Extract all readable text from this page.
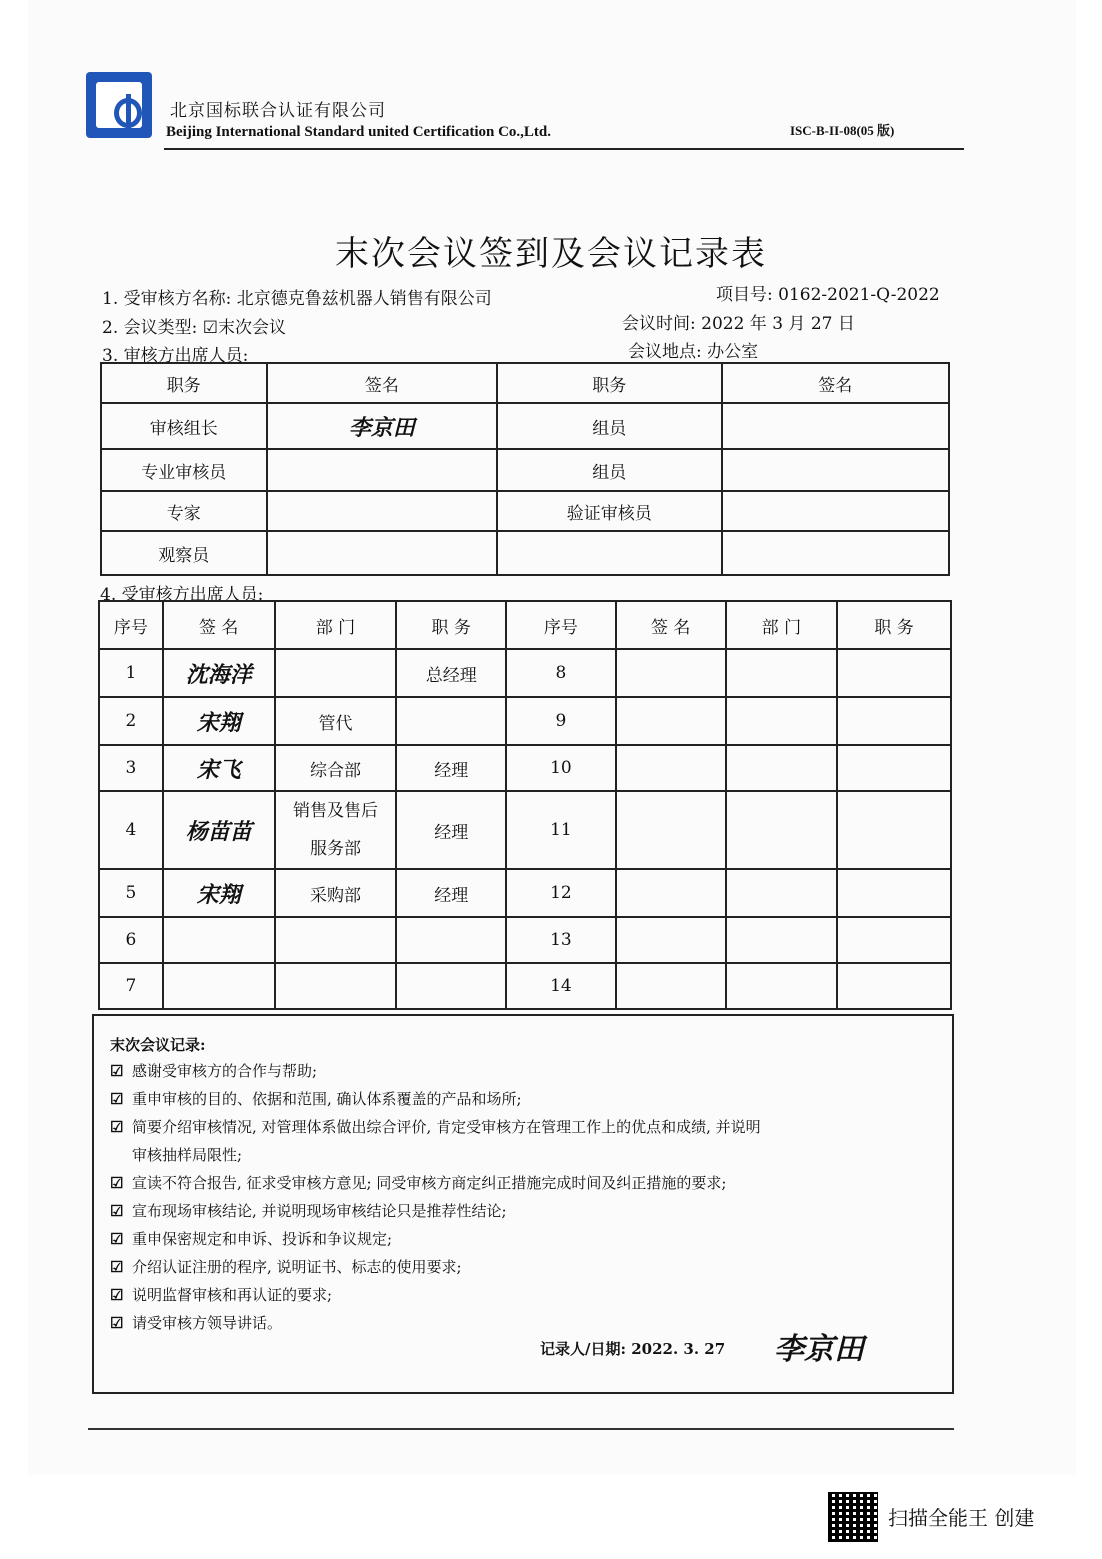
北京国标联合认证有限公司
Beijing International Standard united Certification Co.,Ltd.	ISC-B-II-08(05 版)
末次会议签到及会议记录表
1. 受审核方名称: 北京德克鲁兹机器人销售有限公司	项目号: 0162-2021-Q-2022
2. 会议类型: ☑末次会议	会议时间: 2022 年 3 月 27 日
3. 审核方出席人员:	会议地点: 办公室
职务	签名	职务	签名
审核组长	李京田	组员	
专业审核员		组员	
专家		验证审核员	
观察员			
4. 受审核方出席人员:
序号	签 名	部 门	职 务	序号	签 名	部 门	职 务
1	沈海洋		总经理	8			
2	宋翔	管代		9			
3	宋飞	综合部	经理	10			
4	杨苗苗	销售及售后服务部	经理	11			
5	宋翔	采购部	经理	12			
6				13			
7				14			
末次会议记录:
☑ 感谢受审核方的合作与帮助;
☑ 重申审核的目的、依据和范围, 确认体系覆盖的产品和场所;
☑ 简要介绍审核情况, 对管理体系做出综合评价, 肯定受审核方在管理工作上的优点和成绩, 并说明
审核抽样局限性;
☑ 宣读不符合报告, 征求受审核方意见; 同受审核方商定纠正措施完成时间及纠正措施的要求;
☑ 宣布现场审核结论, 并说明现场审核结论只是推荐性结论;
☑ 重申保密规定和申诉、投诉和争议规定;
☑ 介绍认证注册的程序, 说明证书、标志的使用要求;
☑ 说明监督审核和再认证的要求;
☑ 请受审核方领导讲话。
记录人/日期: 2022. 3. 27 李京田
扫描全能王 创建
